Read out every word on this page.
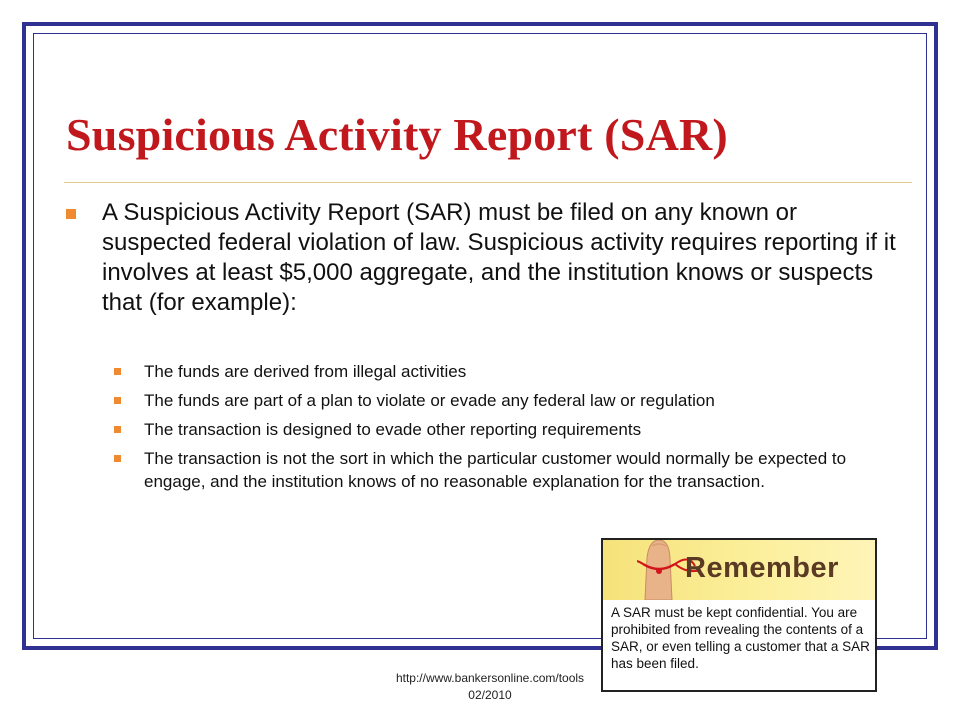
Suspicious Activity Report (SAR)

A Suspicious Activity Report (SAR) must be filed on any known or suspected federal violation of law. Suspicious activity requires reporting if it involves at least $5,000 aggregate, and the institution knows or suspects that (for example):

The funds are derived from illegal activities
The funds are part of a plan to violate or evade any federal law or regulation
The transaction is designed to evade other reporting requirements
The transaction is not the sort in which the particular customer would normally be expected to engage, and the institution knows of no reasonable explanation for the transaction.
http://www.bankersonline.com/tools
02/2010
Remember

A SAR must be kept confidential. You are prohibited from revealing the contents of a SAR, or even telling a customer that a SAR has been filed.
